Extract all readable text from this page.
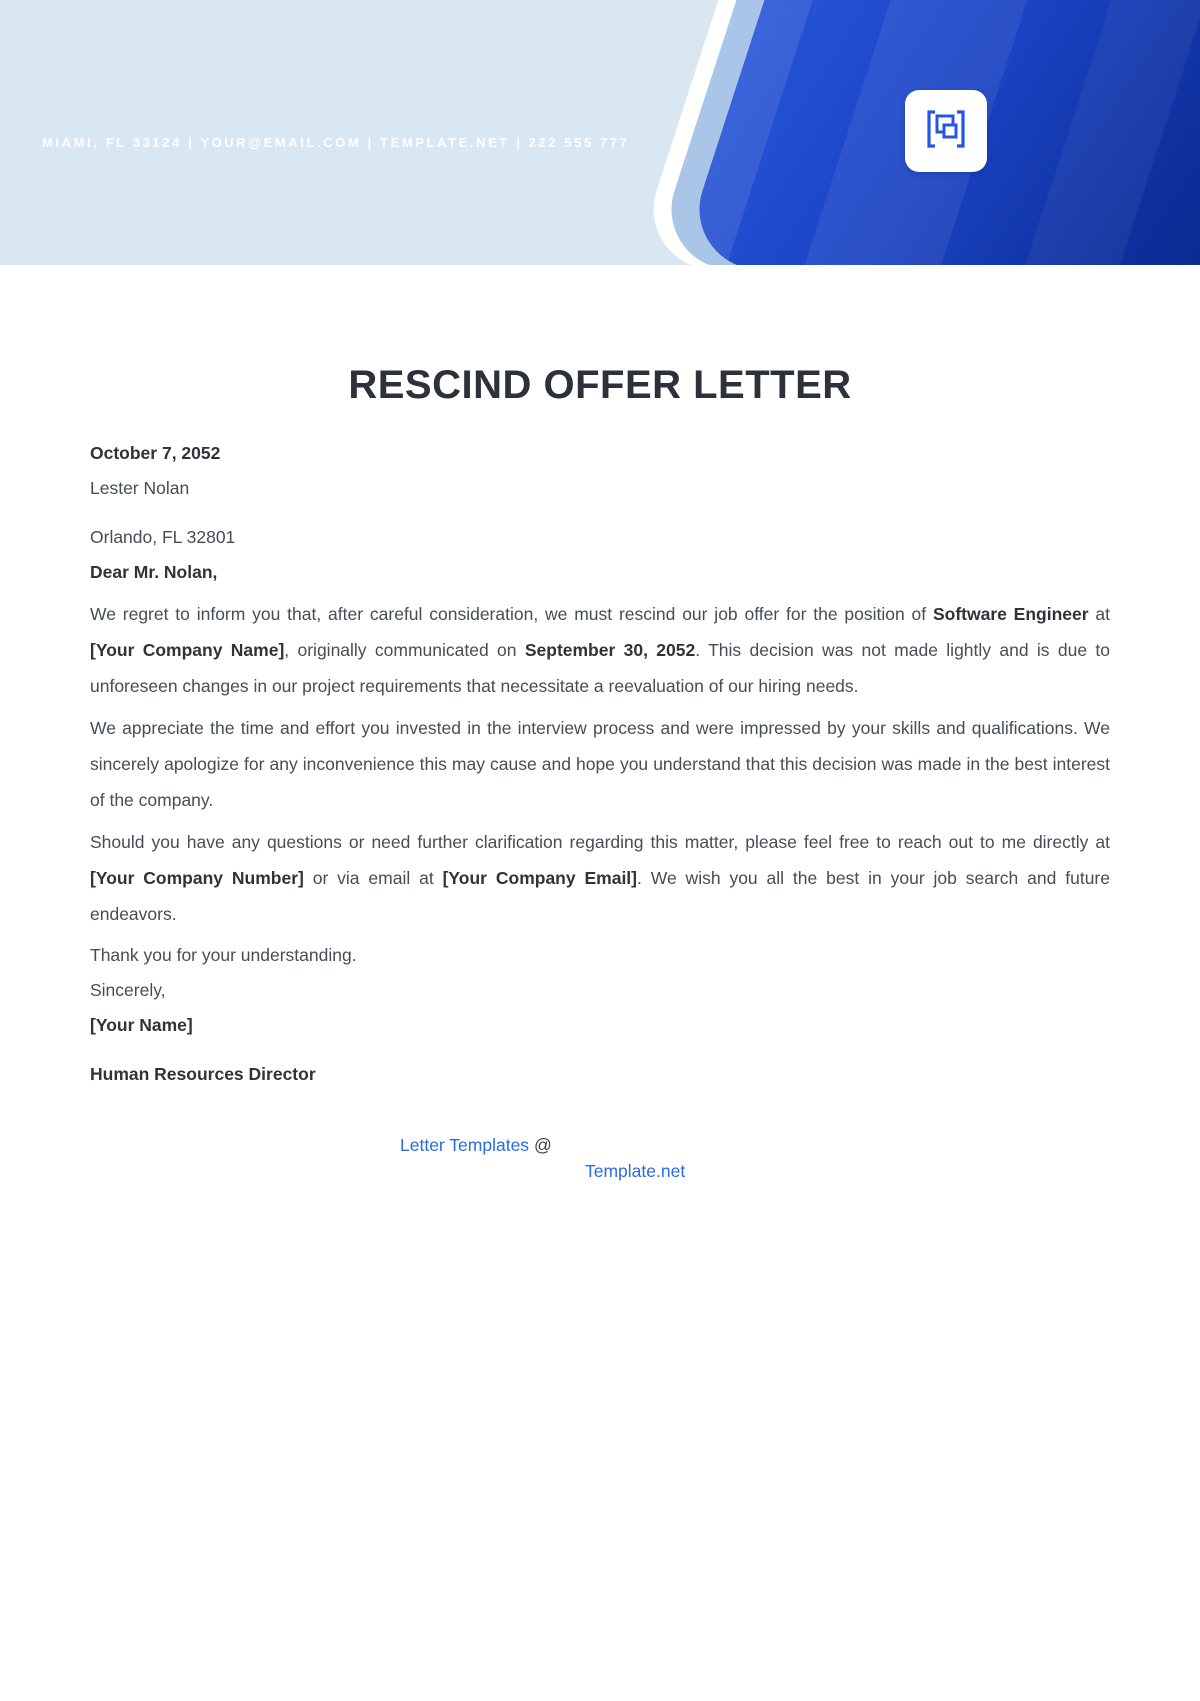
MIAMI, FL 33124 | YOUR@EMAIL.COM | TEMPLATE.NET | 222 555 777
RESCIND OFFER LETTER
October 7, 2052
Lester Nolan
Orlando, FL 32801
Dear Mr. Nolan,

We regret to inform you that, after careful consideration, we must rescind our job offer for the position of Software Engineer at [Your Company Name], originally communicated on September 30, 2052. This decision was not made lightly and is due to unforeseen changes in our project requirements that necessitate a reevaluation of our hiring needs.

We appreciate the time and effort you invested in the interview process and were impressed by your skills and qualifications. We sincerely apologize for any inconvenience this may cause and hope you understand that this decision was made in the best interest of the company.

Should you have any questions or need further clarification regarding this matter, please feel free to reach out to me directly at [Your Company Number] or via email at [Your Company Email]. We wish you all the best in your job search and future endeavors.

Thank you for your understanding.
Sincerely,
[Your Name]
Human Resources Director
Letter Templates @
Template.net
